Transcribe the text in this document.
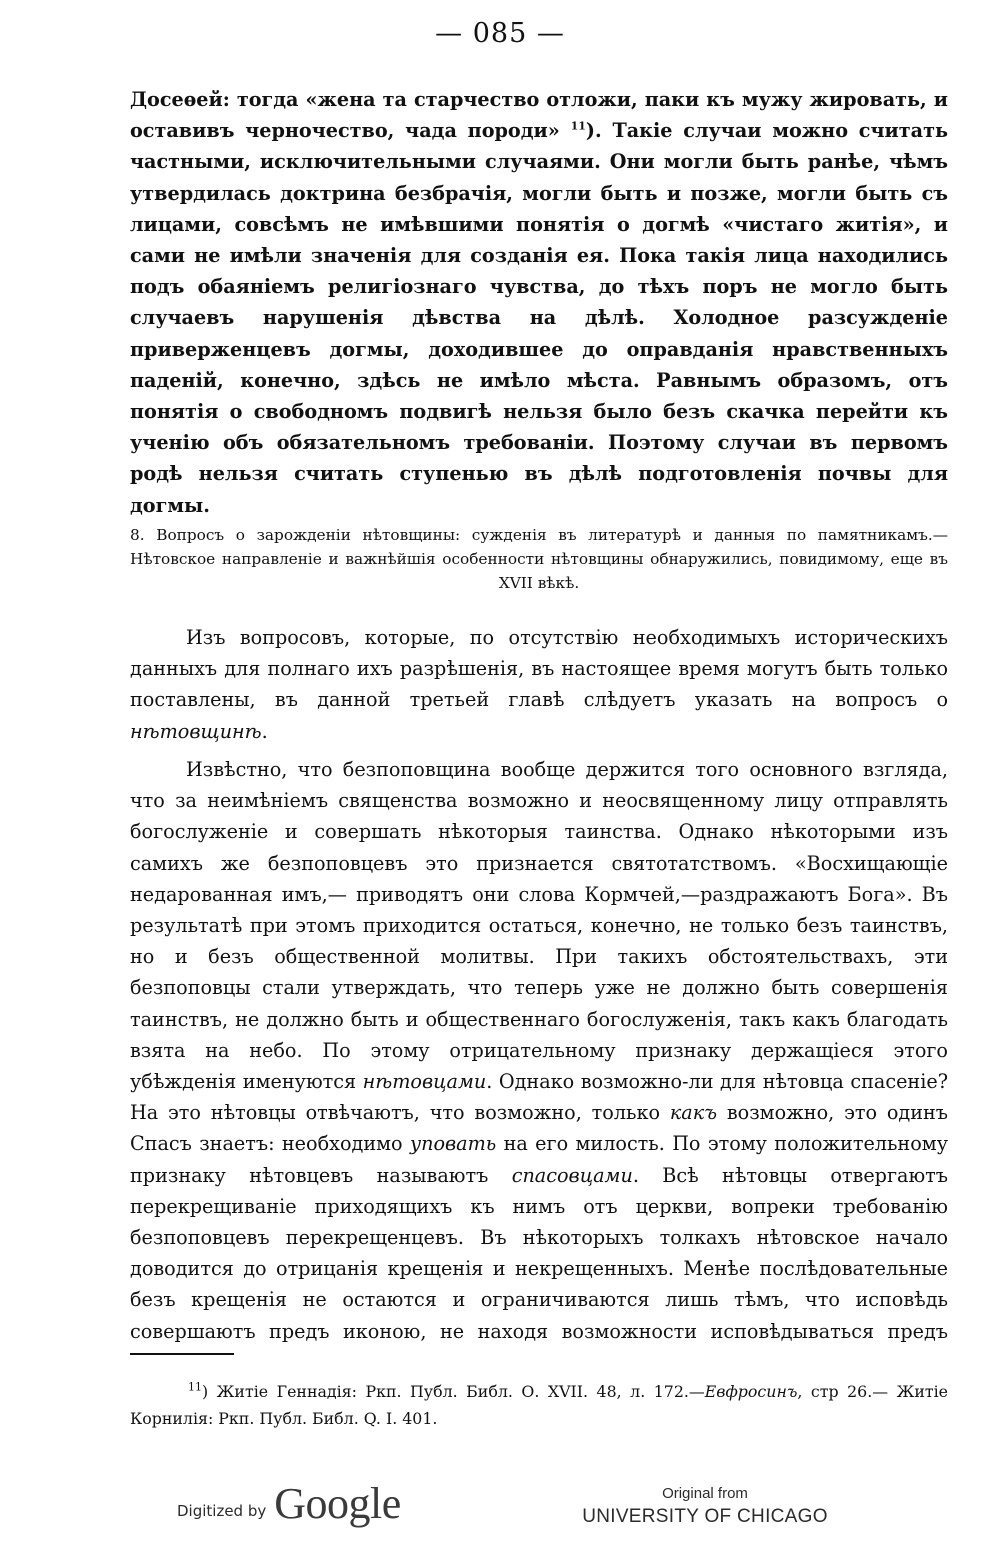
— 085 —

Досеѳей: тогда «жена та старчество отложи, паки къ мужу жировать, и оставивъ черночество, чада породи» $^{11}$). Такіе случаи можно считать частными, исключительными случаями. Они могли быть ранѣе, чѣмъ утвердилась доктрина безбрачія, могли быть и позже, могли быть съ лицами, совсѣмъ не имѣвшими понятія о догмѣ «чистаго житія», и сами не имѣли значенія для созданія ея. Пока такія лица находились подъ обаяніемъ религіознаго чувства, до тѣхъ поръ не могло быть случаевъ нарушенія дѣвства на дѣлѣ. Холодное разсужденіе приверженцевъ догмы, доходившее до оправданія нравственныхъ паденій, конечно, здѣсь не имѣло мѣста. Равнымъ образомъ, отъ понятія о свободномъ подвигѣ нельзя было безъ скачка перейти къ ученію объ обязательномъ требованіи. Поэтому случаи въ первомъ родѣ нельзя считать ступенью въ дѣлѣ подготовленія почвы для догмы.

8. Вопросъ о зарожденіи нѣтовщины: сужденія въ литературѣ и данныя по памятникамъ.—Нѣтовское направленіе и важнѣйшія особенности нѣтовщины обнаружились, повидимому, еще въ XVII вѣкѣ.

Изъ вопросовъ, которые, по отсутствію необходимыхъ историческихъ данныхъ для полнаго ихъ разрѣшенія, въ настоящее время могутъ быть только поставлены, въ данной третьей главѣ слѣдуетъ указать на вопросъ о нѣтовщинѣ.

Извѣстно, что безпоповщина вообще держится того основного взгляда, что за неимѣніемъ священства возможно и неосвященному лицу отправлять богослуженіе и совершать нѣкоторыя таинства. Однако нѣкоторыми изъ самихъ же безпоповцевъ это признается святотатствомъ. «Восхищающіе недарованная имъ,— приводятъ они слова Кормчей,—раздражаютъ Бога». Въ результатѣ при этомъ приходится остаться, конечно, не только безъ таинствъ, но и безъ общественной молитвы. При такихъ обстоятельствахъ, эти безпоповцы стали утверждать, что теперь уже не должно быть совершенія таинствъ, не должно быть и общественнаго богослуженія, такъ какъ благодать взята на небо. По этому отрицательному признаку держащіеся этого убѣжденія именуются нѣтовцами. Однако возможно-ли для нѣтовца спасеніе? На это нѣтовцы отвѣчаютъ, что возможно, только какъ возможно, это одинъ Спасъ знаетъ: необходимо уповать на его милость. По этому положительному признаку нѣтовцевъ называютъ спасовцами. Всѣ нѣтовцы отвергаютъ перекрещиваніе приходящихъ къ нимъ отъ церкви, вопреки требованію безпоповцевъ перекрещенцевъ. Въ нѣкоторыхъ толкахъ нѣтовское начало доводится до отрицанія крещенія и некрещенныхъ. Менѣе послѣдовательные безъ крещенія не остаются и ограничиваются лишь тѣмъ, что исповѣдь совершаютъ предъ иконою, не находя возможности исповѣдываться предъ

$^{11}$) Житіе Геннадія: Ркп. Публ. Библ. О. XVII. 48, л. 172.—Евфросинъ, стр 26.— Житіе Корнилія: Ркп. Публ. Библ. Q. I. 401.

Digitized by Google	Original from
UNIVERSITY OF CHICAGO
